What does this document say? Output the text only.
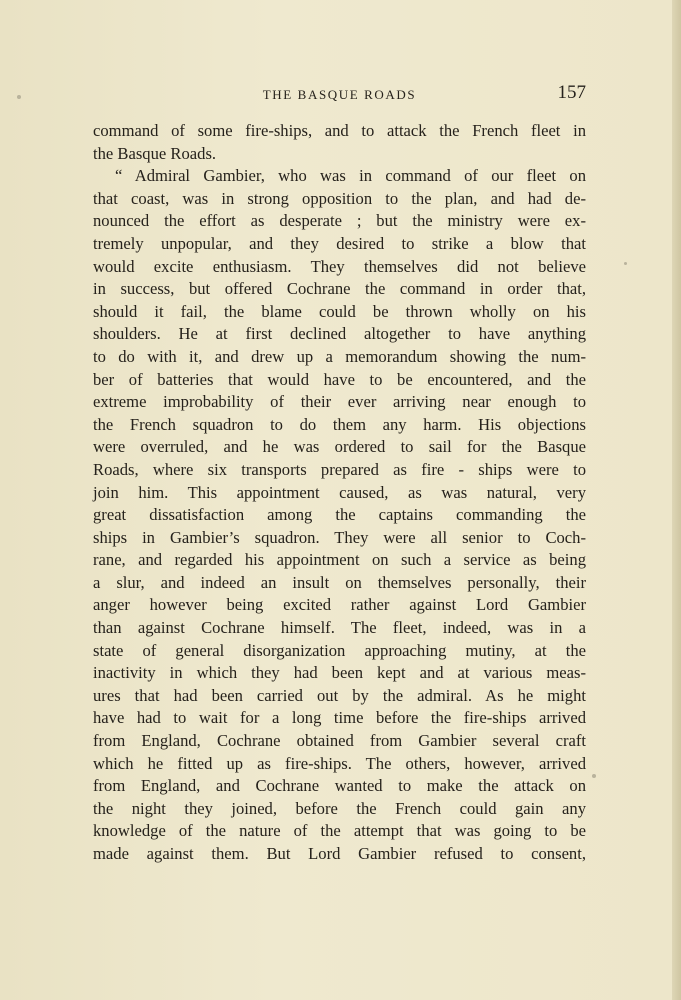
THE BASQUE ROADS	157
command of some fire-ships, and to attack the French fleet in
the Basque Roads.
“ Admiral Gambier, who was in command of our fleet on
that coast, was in strong opposition to the plan, and had de-
nounced the effort as desperate ; but the ministry were ex-
tremely unpopular, and they desired to strike a blow that
would excite enthusiasm. They themselves did not believe
in success, but offered Cochrane the command in order that,
should it fail, the blame could be thrown wholly on his
shoulders. He at first declined altogether to have anything
to do with it, and drew up a memorandum showing the num-
ber of batteries that would have to be encountered, and the
extreme improbability of their ever arriving near enough to
the French squadron to do them any harm. His objections
were overruled, and he was ordered to sail for the Basque
Roads, where six transports prepared as fire - ships were to
join him. This appointment caused, as was natural, very
great dissatisfaction among the captains commanding the
ships in Gambier’s squadron. They were all senior to Coch-
rane, and regarded his appointment on such a service as being
a slur, and indeed an insult on themselves personally, their
anger however being excited rather against Lord Gambier
than against Cochrane himself. The fleet, indeed, was in a
state of general disorganization approaching mutiny, at the
inactivity in which they had been kept and at various meas-
ures that had been carried out by the admiral. As he might
have had to wait for a long time before the fire-ships arrived
from England, Cochrane obtained from Gambier several craft
which he fitted up as fire-ships. The others, however, arrived
from England, and Cochrane wanted to make the attack on
the night they joined, before the French could gain any
knowledge of the nature of the attempt that was going to be
made against them. But Lord Gambier refused to consent,
